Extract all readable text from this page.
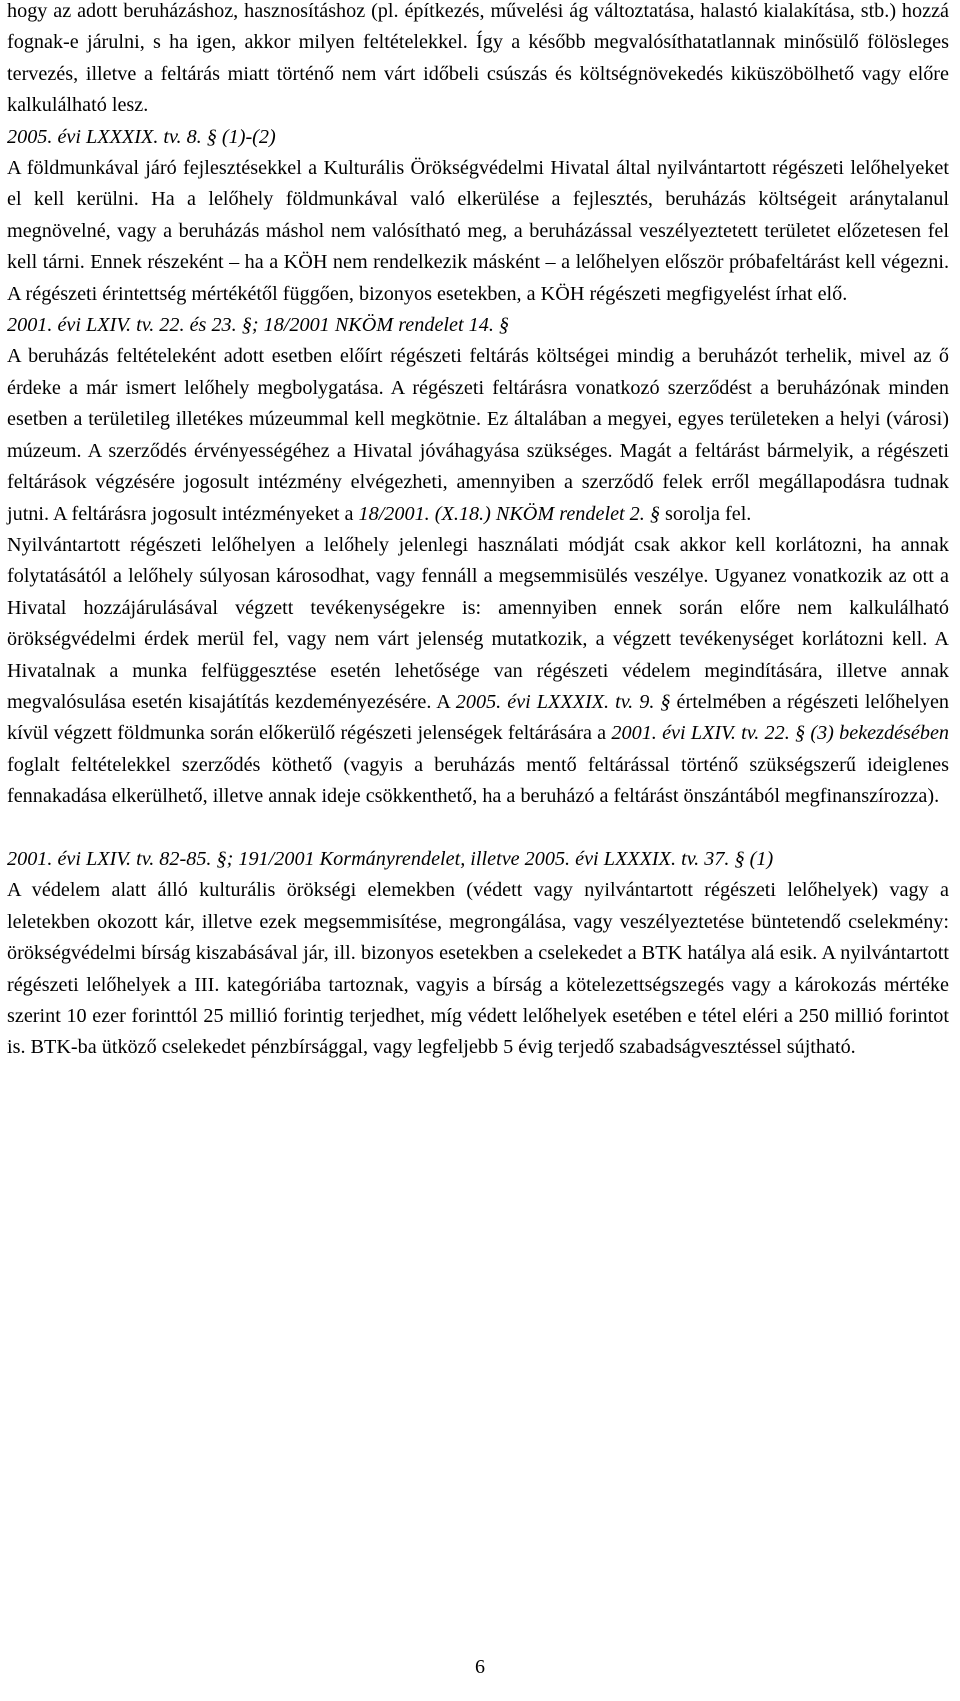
hogy az adott beruházáshoz, hasznosításhoz (pl. építkezés, művelési ág változtatása, halastó kialakítása, stb.) hozzá fognak-e járulni, s ha igen, akkor milyen feltételekkel. Így a később megvalósíthatatlannak minősülő fölösleges tervezés, illetve a feltárás miatt történő nem várt időbeli csúszás és költségnövekedés kiküszöbölhető vagy előre kalkulálható lesz.

2005. évi LXXXIX. tv. 8. § (1)-(2)

A földmunkával járó fejlesztésekkel a Kulturális Örökségvédelmi Hivatal által nyilvántartott régészeti lelőhelyeket el kell kerülni. Ha a lelőhely földmunkával való elkerülése a fejlesztés, beruházás költségeit aránytalanul megnövelné, vagy a beruházás máshol nem valósítható meg, a beruházással veszélyeztetett területet előzetesen fel kell tárni. Ennek részeként – ha a KÖH nem rendelkezik másként – a lelőhelyen először próbafeltárást kell végezni. A régészeti érintettség mértékétől függően, bizonyos esetekben, a KÖH régészeti megfigyelést írhat elő.

2001. évi LXIV. tv. 22. és 23. §; 18/2001 NKÖM rendelet 14. §

A beruházás feltételeként adott esetben előírt régészeti feltárás költségei mindig a beruházót terhelik, mivel az ő érdeke a már ismert lelőhely megbolygatása. A régészeti feltárásra vonatkozó szerződést a beruházónak minden esetben a területileg illetékes múzeummal kell megkötnie. Ez általában a megyei, egyes területeken a helyi (városi) múzeum. A szerződés érvényességéhez a Hivatal jóváhagyása szükséges. Magát a feltárást bármelyik, a régészeti feltárások végzésére jogosult intézmény elvégezheti, amennyiben a szerződő felek erről megállapodásra tudnak jutni. A feltárásra jogosult intézményeket a 18/2001. (X.18.) NKÖM rendelet 2. § sorolja fel.

Nyilvántartott régészeti lelőhelyen a lelőhely jelenlegi használati módját csak akkor kell korlátozni, ha annak folytatásától a lelőhely súlyosan károsodhat, vagy fennáll a megsemmisülés veszélye. Ugyanez vonatkozik az ott a Hivatal hozzájárulásával végzett tevékenységekre is: amennyiben ennek során előre nem kalkulálható örökségvédelmi érdek merül fel, vagy nem várt jelenség mutatkozik, a végzett tevékenységet korlátozni kell. A Hivatalnak a munka felfüggesztése esetén lehetősége van régészeti védelem megindítására, illetve annak megvalósulása esetén kisajátítás kezdeményezésére. A 2005. évi LXXXIX. tv. 9. § értelmében a régészeti lelőhelyen kívül végzett földmunka során előkerülő régészeti jelenségek feltárására a 2001. évi LXIV. tv. 22. § (3) bekezdésében foglalt feltételekkel szerződés köthető (vagyis a beruházás mentő feltárással történő szükségszerű ideiglenes fennakadása elkerülhető, illetve annak ideje csökkenthető, ha a beruházó a feltárást önszántából megfinanszírozza).

2001. évi LXIV. tv. 82-85. §; 191/2001 Kormányrendelet, illetve 2005. évi LXXXIX. tv. 37. § (1)

A védelem alatt álló kulturális örökségi elemekben (védett vagy nyilvántartott régészeti lelőhelyek) vagy a leletekben okozott kár, illetve ezek megsemmisítése, megrongálása, vagy veszélyeztetése büntetendő cselekmény: örökségvédelmi bírság kiszabásával jár, ill. bizonyos esetekben a cselekedet a BTK hatálya alá esik. A nyilvántartott régészeti lelőhelyek a III. kategóriába tartoznak, vagyis a bírság a kötelezettségszegés vagy a károkozás mértéke szerint 10 ezer forinttól 25 millió forintig terjedhet, míg védett lelőhelyek esetében e tétel eléri a 250 millió forintot is. BTK-ba ütköző cselekedet pénzbírsággal, vagy legfeljebb 5 évig terjedő szabadságvesztéssel sújtható.

6
